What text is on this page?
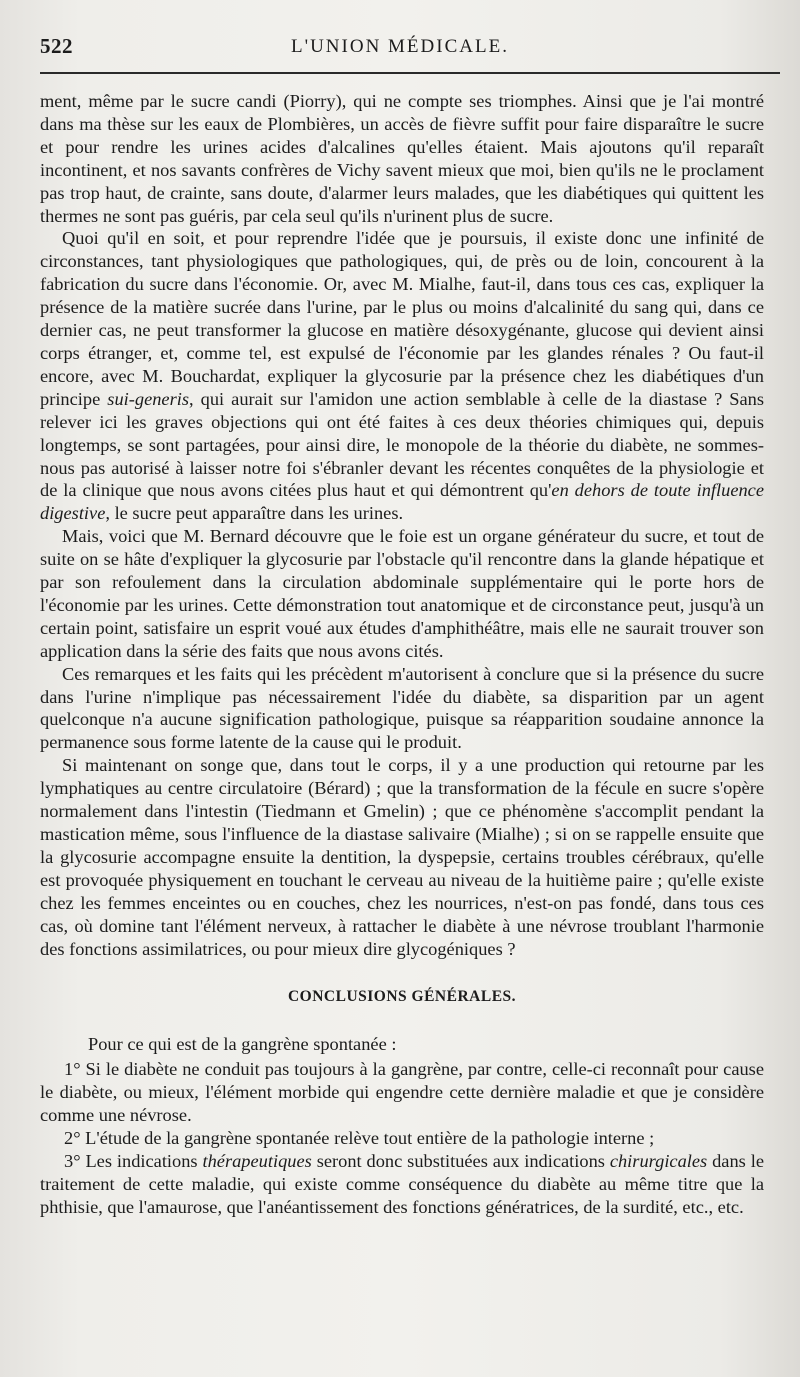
522	L'UNION MÉDICALE.

ment, même par le sucre candi (Piorry), qui ne compte ses triomphes. Ainsi que je l'ai montré dans ma thèse sur les eaux de Plombières, un accès de fièvre suffit pour faire disparaître le sucre et pour rendre les urines acides d'alcalines qu'elles étaient. Mais ajoutons qu'il reparaît incontinent, et nos savants confrères de Vichy savent mieux que moi, bien qu'ils ne le proclament pas trop haut, de crainte, sans doute, d'alarmer leurs malades, que les diabétiques qui quittent les thermes ne sont pas guéris, par cela seul qu'ils n'urinent plus de sucre.

Quoi qu'il en soit, et pour reprendre l'idée que je poursuis, il existe donc une infinité de circonstances, tant physiologiques que pathologiques, qui, de près ou de loin, concourent à la fabrication du sucre dans l'économie. Or, avec M. Mialhe, faut-il, dans tous ces cas, expliquer la présence de la matière sucrée dans l'urine, par le plus ou moins d'alcalinité du sang qui, dans ce dernier cas, ne peut transformer la glucose en matière désoxygénante, glucose qui devient ainsi corps étranger, et, comme tel, est expulsé de l'économie par les glandes rénales ? Ou faut-il encore, avec M. Bouchardat, expliquer la glycosurie par la présence chez les diabétiques d'un principe sui-generis, qui aurait sur l'amidon une action semblable à celle de la diastase ? Sans relever ici les graves objections qui ont été faites à ces deux théories chimiques qui, depuis longtemps, se sont partagées, pour ainsi dire, le monopole de la théorie du diabète, ne sommes-nous pas autorisé à laisser notre foi s'ébranler devant les récentes conquêtes de la physiologie et de la clinique que nous avons citées plus haut et qui démontrent qu'en dehors de toute influence digestive, le sucre peut apparaître dans les urines.

Mais, voici que M. Bernard découvre que le foie est un organe générateur du sucre, et tout de suite on se hâte d'expliquer la glycosurie par l'obstacle qu'il rencontre dans la glande hépatique et par son refoulement dans la circulation abdominale supplémentaire qui le porte hors de l'économie par les urines. Cette démonstration tout anatomique et de circonstance peut, jusqu'à un certain point, satisfaire un esprit voué aux études d'amphithéâtre, mais elle ne saurait trouver son application dans la série des faits que nous avons cités.

Ces remarques et les faits qui les précèdent m'autorisent à conclure que si la présence du sucre dans l'urine n'implique pas nécessairement l'idée du diabète, sa disparition par un agent quelconque n'a aucune signification pathologique, puisque sa réapparition soudaine annonce la permanence sous forme latente de la cause qui le produit.

Si maintenant on songe que, dans tout le corps, il y a une production qui retourne par les lymphatiques au centre circulatoire (Bérard) ; que la transformation de la fécule en sucre s'opère normalement dans l'intestin (Tiedmann et Gmelin) ; que ce phénomène s'accomplit pendant la mastication même, sous l'influence de la diastase salivaire (Mialhe) ; si on se rappelle ensuite que la glycosurie accompagne ensuite la dentition, la dyspepsie, certains troubles cérébraux, qu'elle est provoquée physiquement en touchant le cerveau au niveau de la huitième paire ; qu'elle existe chez les femmes enceintes ou en couches, chez les nourrices, n'est-on pas fondé, dans tous ces cas, où domine tant l'élément nerveux, à rattacher le diabète à une névrose troublant l'harmonie des fonctions assimilatrices, ou pour mieux dire glycogéniques ?

CONCLUSIONS GÉNÉRALES.

Pour ce qui est de la gangrène spontanée :

1° Si le diabète ne conduit pas toujours à la gangrène, par contre, celle-ci reconnaît pour cause le diabète, ou mieux, l'élément morbide qui engendre cette dernière maladie et que je considère comme une névrose.

2° L'étude de la gangrène spontanée relève tout entière de la pathologie interne ;

3° Les indications thérapeutiques seront donc substituées aux indications chirurgicales dans le traitement de cette maladie, qui existe comme conséquence du diabète au même titre que la phthisie, que l'amaurose, que l'anéantissement des fonctions génératrices, de la surdité, etc., etc.
